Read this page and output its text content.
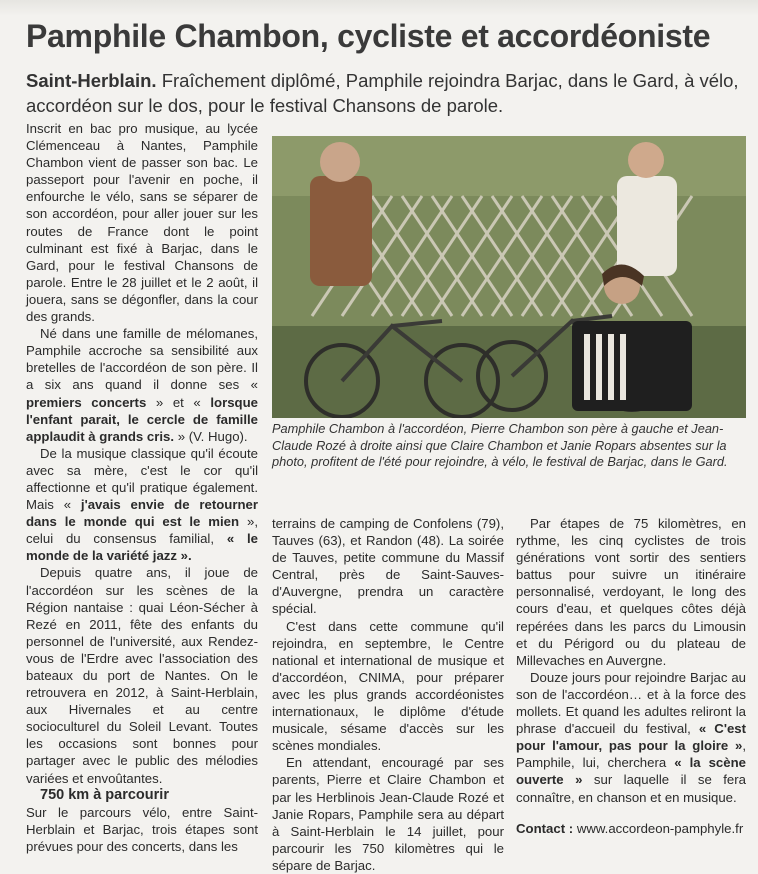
Pamphile Chambon, cycliste et accordéoniste

Saint-Herblain. Fraîchement diplômé, Pamphile rejoindra Barjac, dans le Gard, à vélo, accordéon sur le dos, pour le festival Chansons de parole.

Inscrit en bac pro musique, au lycée Clémenceau à Nantes, Pamphile Chambon vient de passer son bac. Le passeport pour l'avenir en poche, il enfourche le vélo, sans se séparer de son accordéon, pour aller jouer sur les routes de France dont le point culminant est fixé à Barjac, dans le Gard, pour le festival Chansons de parole. Entre le 28 juillet et le 2 août, il jouera, sans se dégonfler, dans la cour des grands.

Né dans une famille de mélomanes, Pamphile accroche sa sensibilité aux bretelles de l'accordéon de son père. Il a six ans quand il donne ses « premiers concerts » et « lorsque l'enfant parait, le cercle de famille applaudit à grands cris. » (V. Hugo).

De la musique classique qu'il écoute avec sa mère, c'est le cor qu'il affectionne et qu'il pratique également. Mais « j'avais envie de retourner dans le monde qui est le mien », celui du consensus familial, « le monde de la variété jazz ».

Depuis quatre ans, il joue de l'accordéon sur les scènes de la Région nantaise : quai Léon-Sécher à Rezé en 2011, fête des enfants du personnel de l'université, aux Rendez-vous de l'Erdre avec l'association des bateaux du port de Nantes. On le retrouvera en 2012, à Saint-Herblain, aux Hivernales et au centre socioculturel du Soleil Levant. Toutes les occasions sont bonnes pour partager avec le public des mélodies variées et envoûtantes.

750 km à parcourir

Sur le parcours vélo, entre Saint-Herblain et Barjac, trois étapes sont prévues pour des concerts, dans les

Pamphile Chambon à l'accordéon, Pierre Chambon son père à gauche et Jean-Claude Rozé à droite ainsi que Claire Chambon et Janie Ropars absentes sur la photo, profitent de l'été pour rejoindre, à vélo, le festival de Barjac, dans le Gard.

terrains de camping de Confolens (79), Tauves (63), et Randon (48). La soirée de Tauves, petite commune du Massif Central, près de Saint-Sauves-d'Auvergne, prendra un caractère spécial.

C'est dans cette commune qu'il rejoindra, en septembre, le Centre national et international de musique et d'accordéon, CNIMA, pour préparer avec les plus grands accordéonistes internationaux, le diplôme d'étude musicale, sésame d'accès sur les scènes mondiales.

En attendant, encouragé par ses parents, Pierre et Claire Chambon et par les Herblinois Jean-Claude Rozé et Janie Ropars, Pamphile sera au départ à Saint-Herblain le 14 juillet, pour parcourir les 750 kilomètres qui le sépare de Barjac.

Par étapes de 75 kilomètres, en rythme, les cinq cyclistes de trois générations vont sortir des sentiers battus pour suivre un itinéraire personnalisé, verdoyant, le long des cours d'eau, et quelques côtes déjà repérées dans les parcs du Limousin et du Périgord ou du plateau de Millevaches en Auvergne.

Douze jours pour rejoindre Barjac au son de l'accordéon… et à la force des mollets. Et quand les adultes reliront la phrase d'accueil du festival, « C'est pour l'amour, pas pour la gloire », Pamphile, lui, cherchera « la scène ouverte » sur laquelle il se fera connaître, en chanson et en musique.

Contact : www.accordeon-pamphyle.fr
